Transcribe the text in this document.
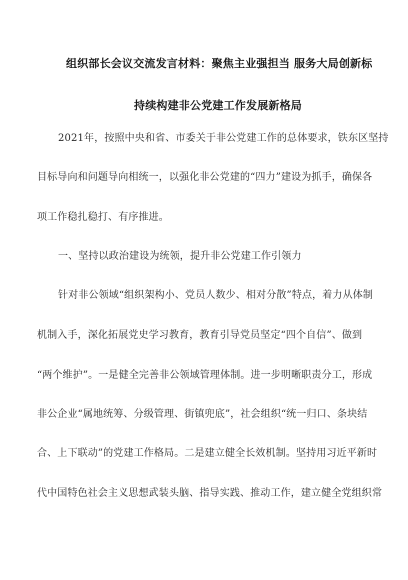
组织部长会议交流发言材料：聚焦主业强担当 服务大局创新标
持续构建非公党建工作发展新格局
2021年，按照中央和省、市委关于非公党建工作的总体要求，铁东区坚持
目标导向和问题导向相统一，以强化非公党建的“四力”建设为抓手，确保各
项工作稳扎稳打、有序推进。
一、坚持以政治建设为统领，提升非公党建工作引领力
针对非公领域“组织架构小、党员人数少、相对分散”特点，着力从体制
机制入手，深化拓展党史学习教育，教育引导党员坚定“四个自信”、做到
“两个维护”。一是健全完善非公领域管理体制。进一步明晰职责分工，形成
非公企业“属地统筹、分级管理、街镇兜底”，社会组织“统一归口、条块结
合、上下联动”的党建工作格局。二是建立健全长效机制。坚持用习近平新时
代中国特色社会主义思想武装头脑、指导实践、推动工作，建立健全党组织常
